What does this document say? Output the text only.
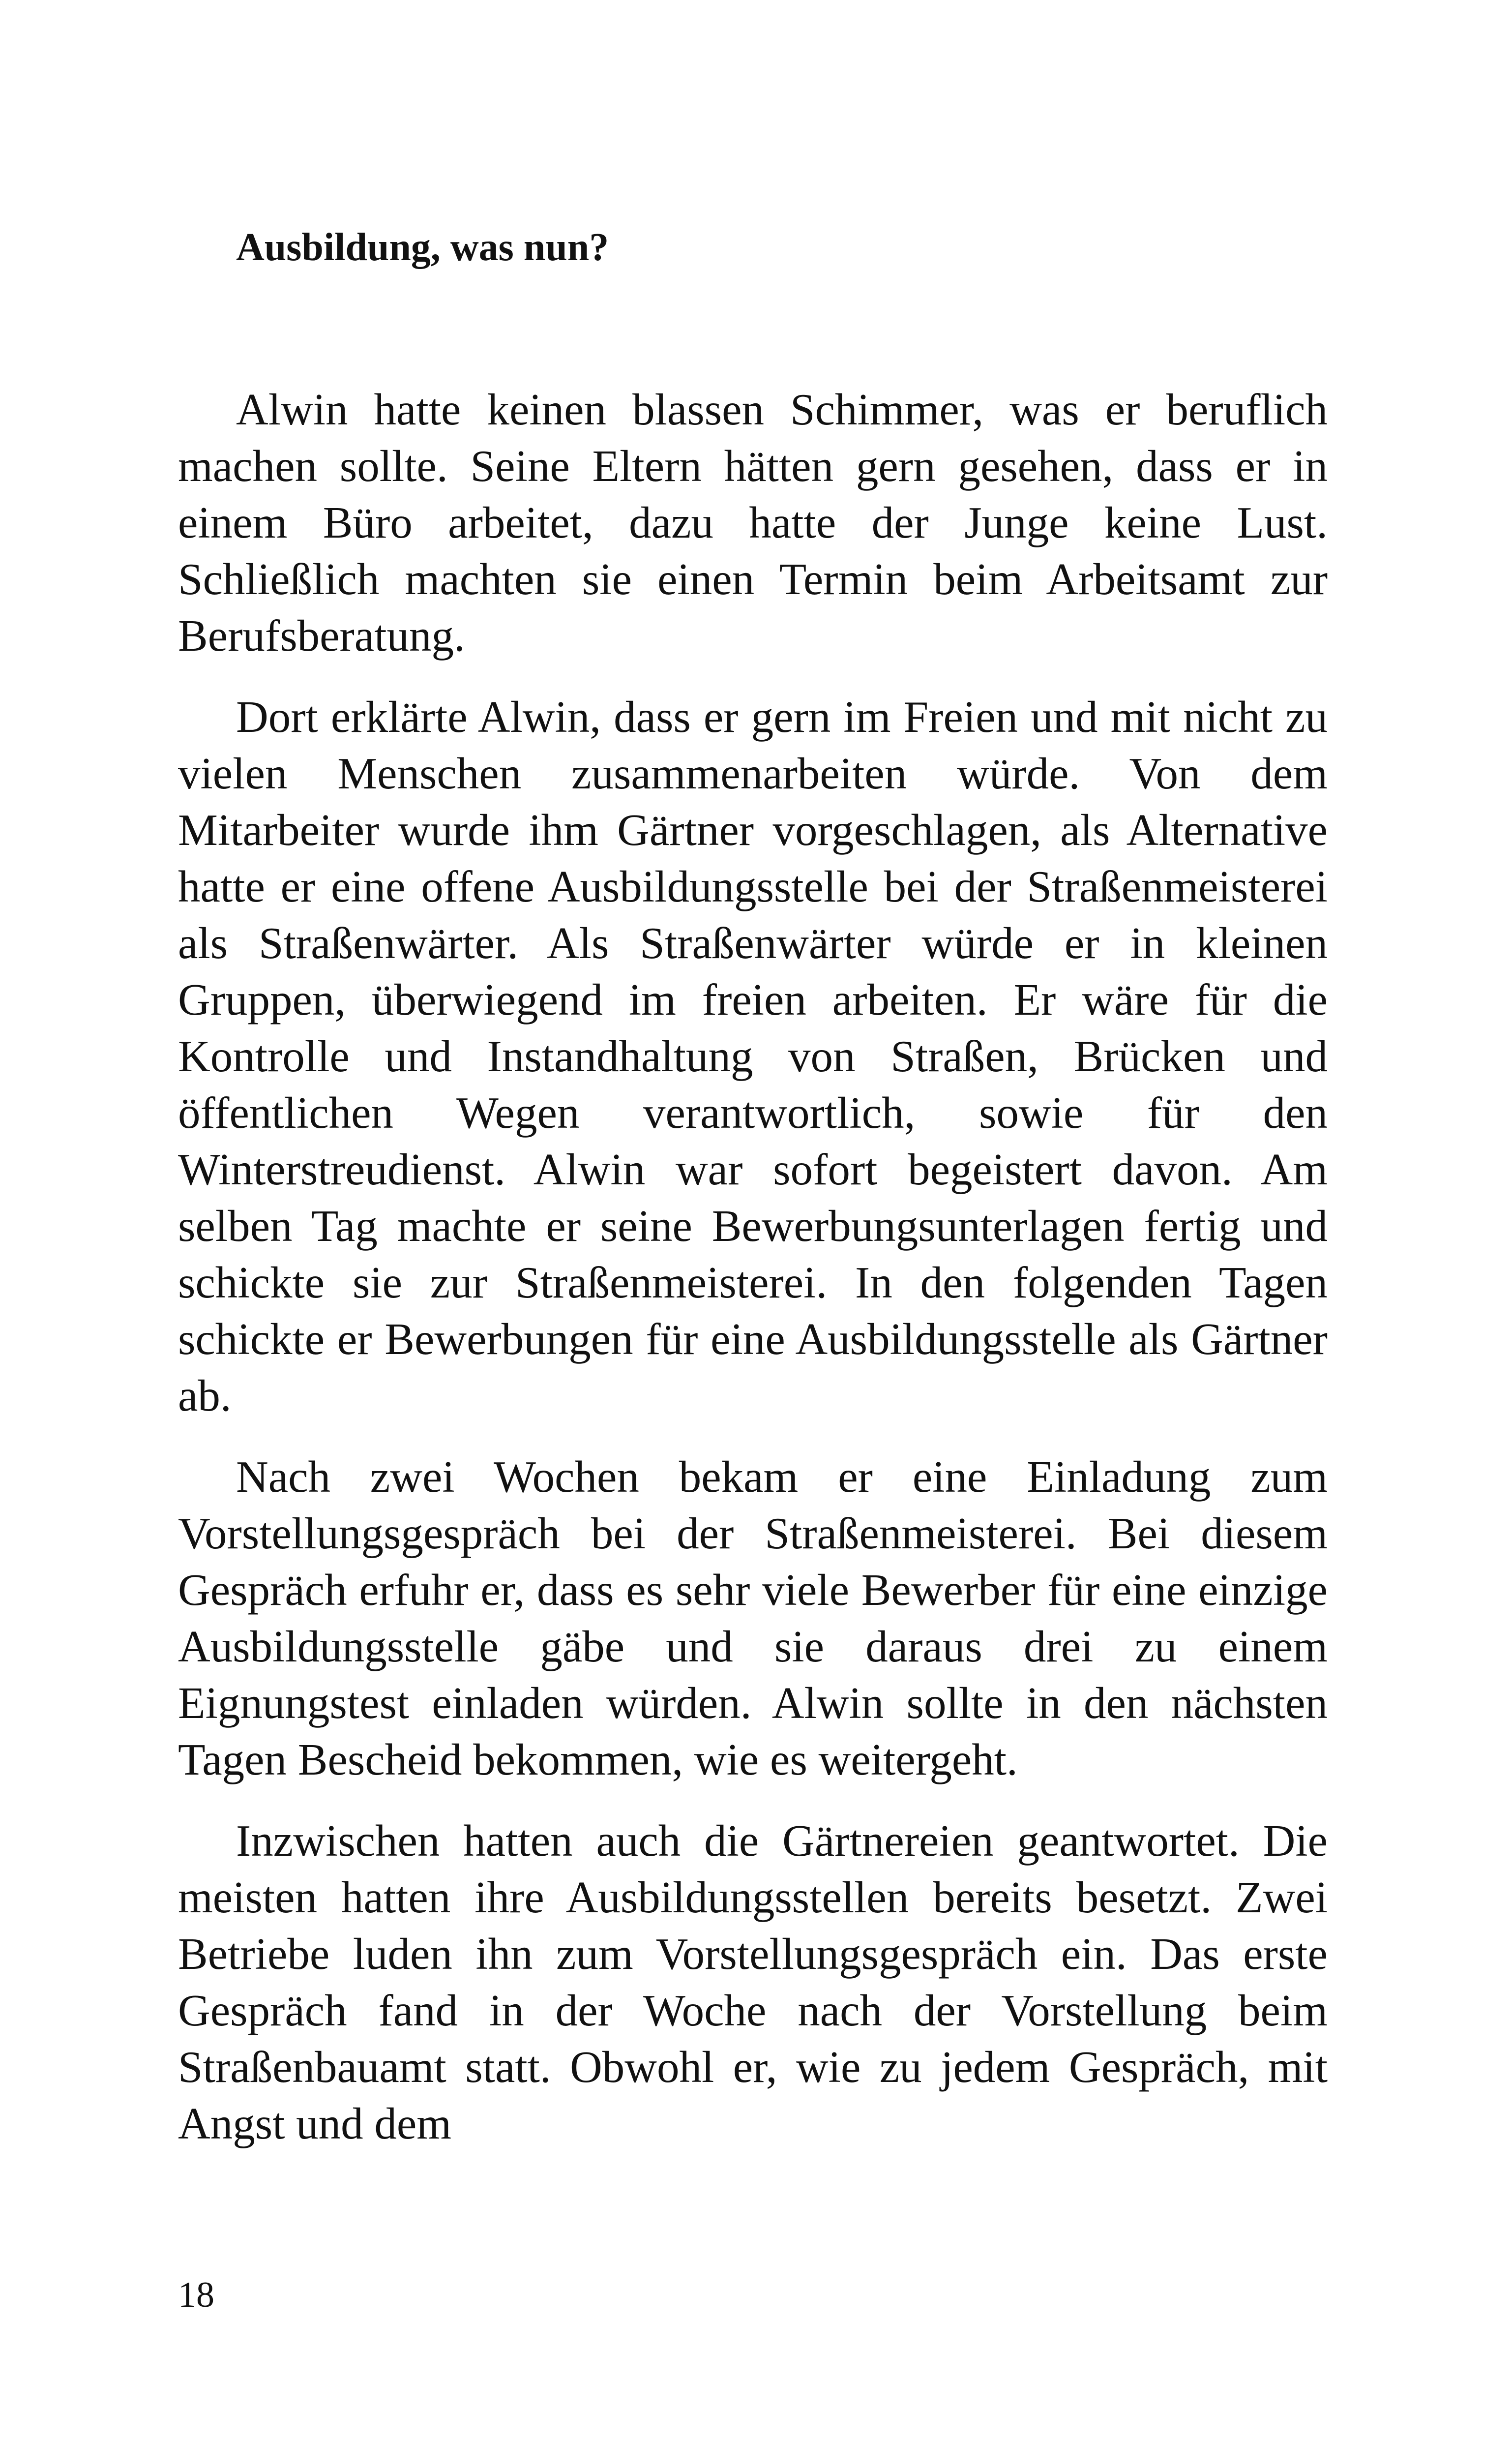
Ausbildung, was nun?

Alwin hatte keinen blassen Schimmer, was er beruflich machen sollte. Seine Eltern hätten gern gesehen, dass er in einem Büro arbeitet, dazu hatte der Junge keine Lust. Schließlich machten sie einen Termin beim Arbeitsamt zur Berufsberatung.

Dort erklärte Alwin, dass er gern im Freien und mit nicht zu vielen Menschen zusammenarbeiten würde. Von dem Mitarbeiter wurde ihm Gärtner vorgeschlagen, als Alternative hatte er eine offene Ausbildungsstelle bei der Straßenmeisterei als Straßenwärter. Als Straßenwärter würde er in kleinen Gruppen, überwiegend im freien arbeiten. Er wäre für die Kontrolle und Instandhaltung von Straßen, Brücken und öffentlichen Wegen verantwortlich, sowie für den Winterstreudienst. Alwin war sofort begeistert davon. Am selben Tag machte er seine Bewerbungsunterlagen fertig und schickte sie zur Straßenmeisterei. In den folgenden Tagen schickte er Bewerbungen für eine Ausbildungsstelle als Gärtner ab.

Nach zwei Wochen bekam er eine Einladung zum Vorstellungsgespräch bei der Straßenmeisterei. Bei diesem Gespräch erfuhr er, dass es sehr viele Bewerber für eine einzige Ausbildungsstelle gäbe und sie daraus drei zu einem Eignungstest einladen würden. Alwin sollte in den nächsten Tagen Bescheid bekommen, wie es weitergeht.

Inzwischen hatten auch die Gärtnereien geantwortet. Die meisten hatten ihre Ausbildungsstellen bereits besetzt. Zwei Betriebe luden ihn zum Vorstellungsgespräch ein. Das erste Gespräch fand in der Woche nach der Vorstellung beim Straßenbauamt statt. Obwohl er, wie zu jedem Gespräch, mit Angst und dem

18
